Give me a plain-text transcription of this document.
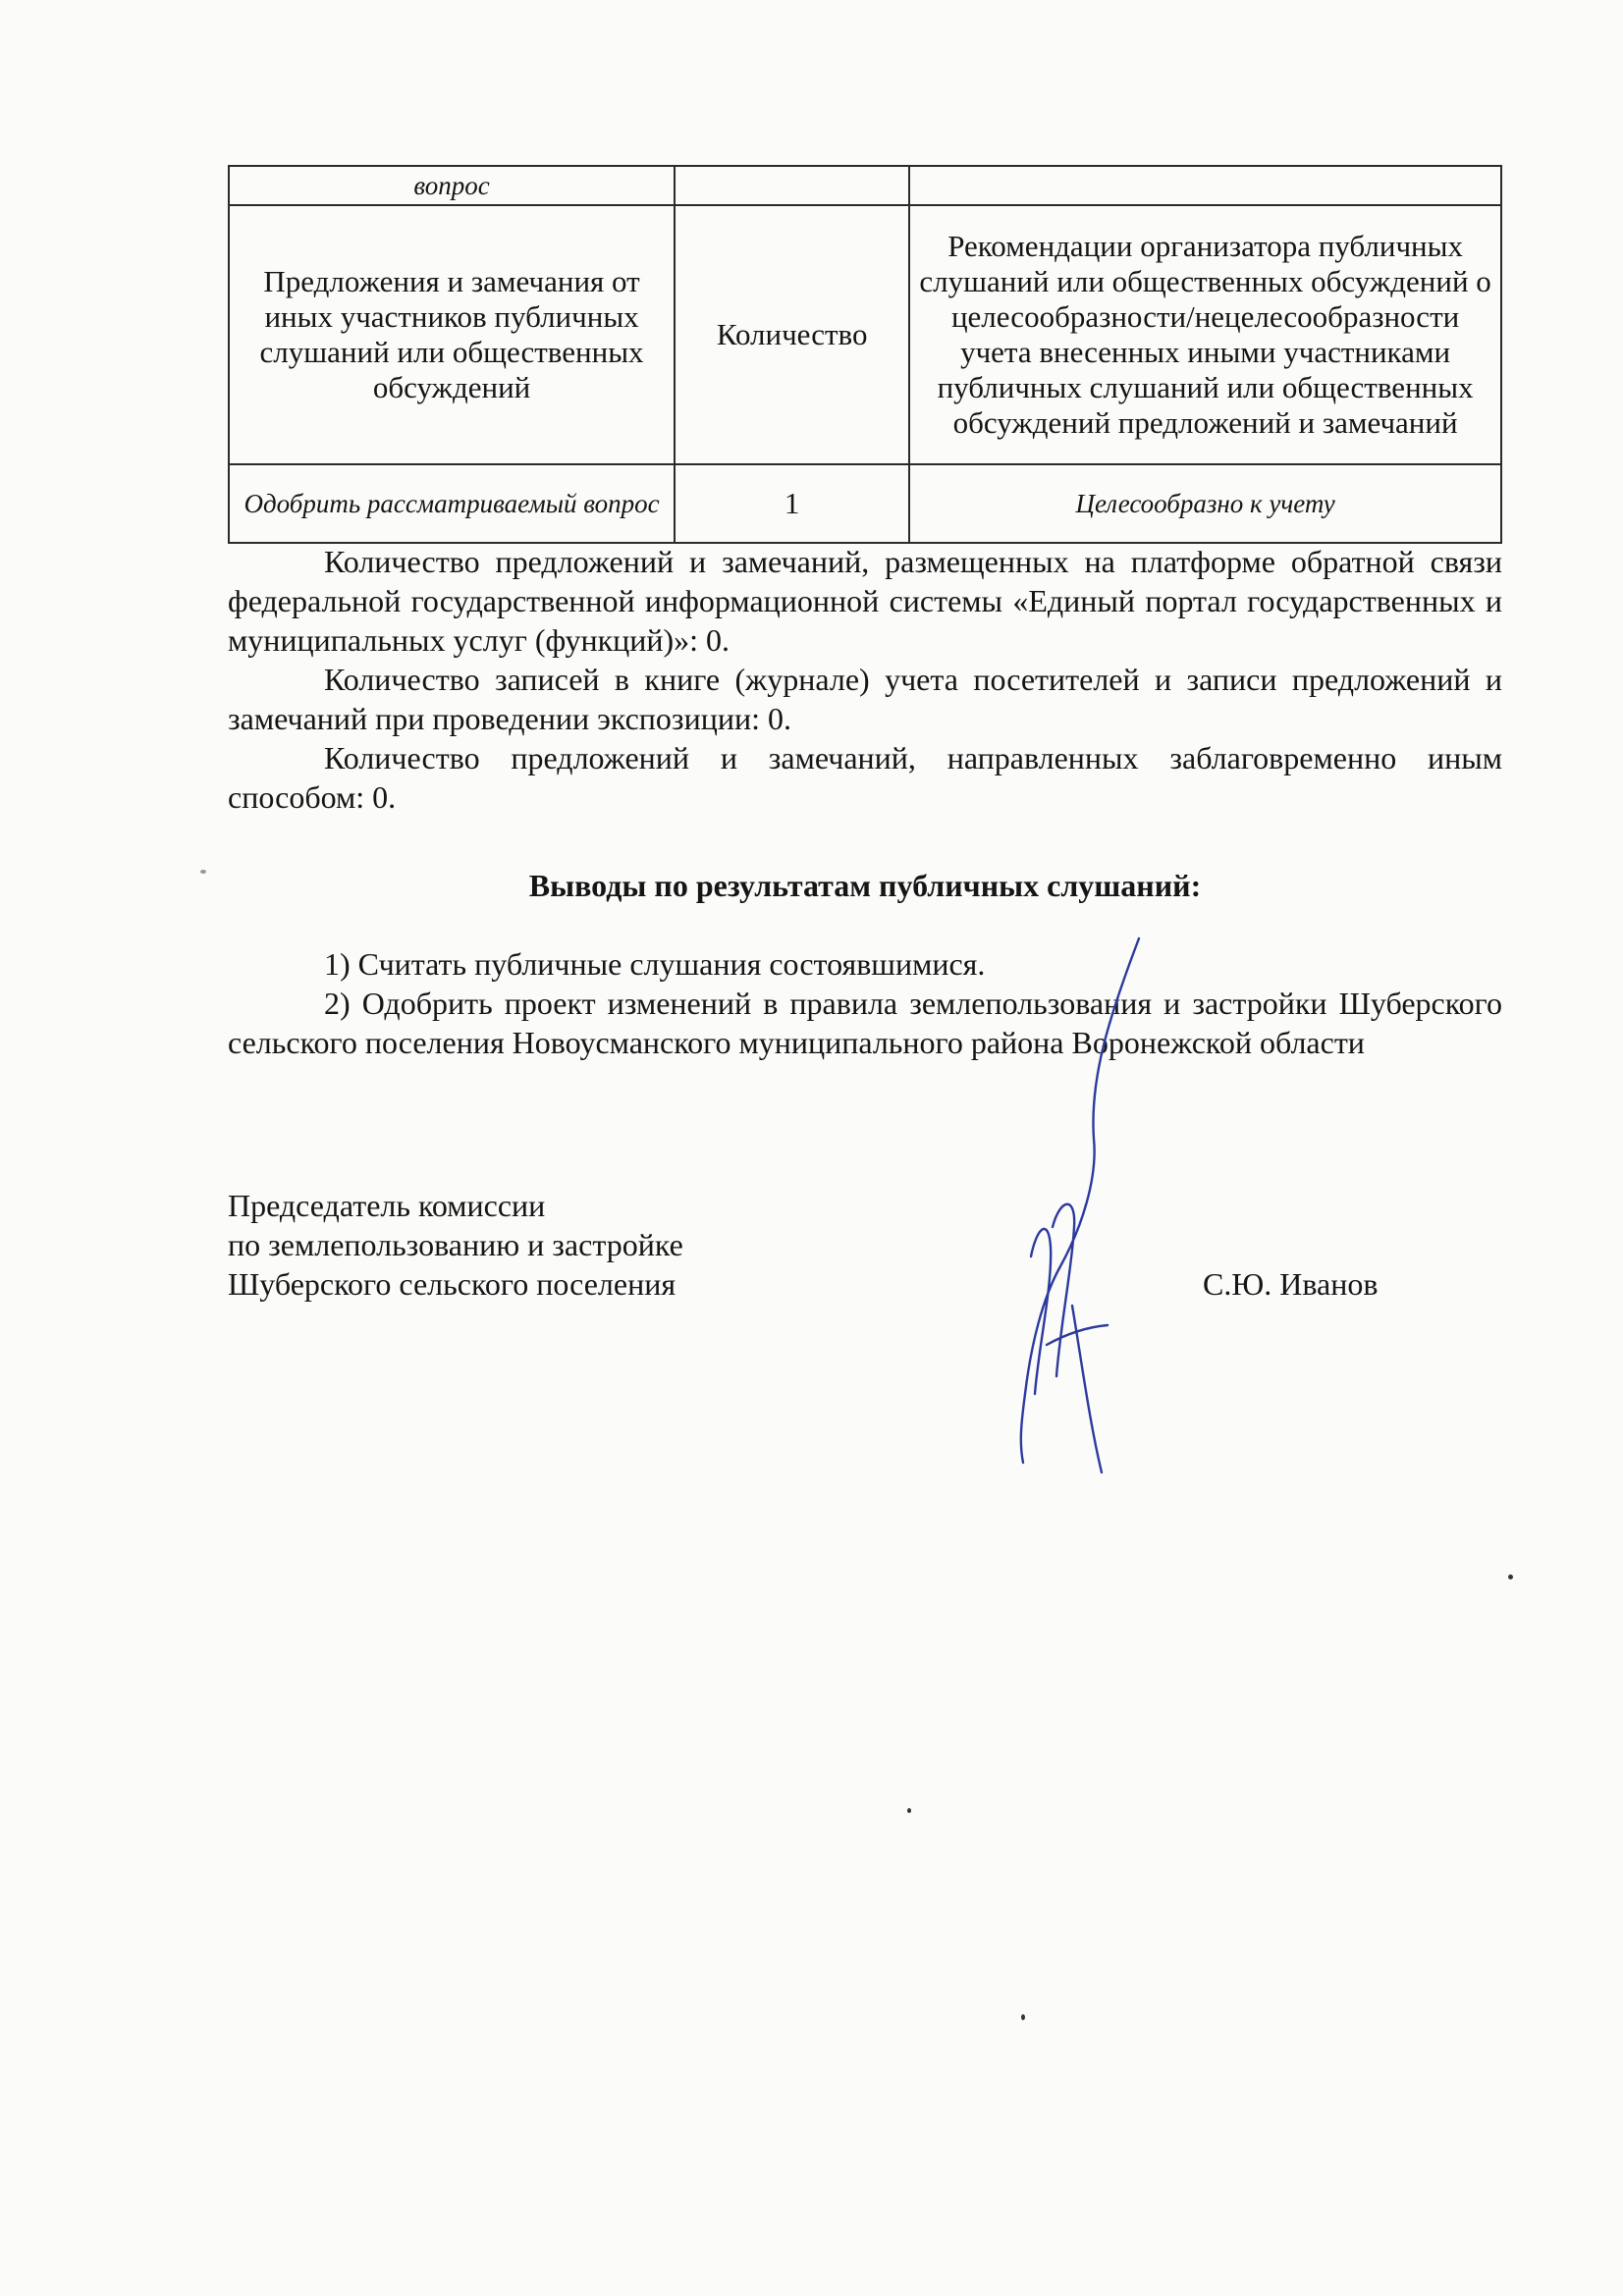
вопрос		
Предложения и замечания от иных участников публичных слушаний или общественных обсуждений	Количество	Рекомендации организатора публичных слушаний или общественных обсуждений о целесообразности/нецелесообразности учета внесенных иными участниками публичных слушаний или общественных обсуждений предложений и замечаний
Одобрить рассматриваемый вопрос	1	Целесообразно к учету

Количество предложений и замечаний, размещенных на платформе обратной связи федеральной государственной информационной системы «Единый портал государственных и муниципальных услуг (функций)»: 0.

Количество записей в книге (журнале) учета посетителей и записи предложений и замечаний при проведении экспозиции: 0.

Количество предложений и замечаний, направленных заблаговременно иным способом: 0.

Выводы по результатам публичных слушаний:

1) Считать публичные слушания состоявшимися.

2) Одобрить проект изменений в правила землепользования и застройки Шуберского сельского поселения Новоусманского муниципального района Воронежской области

Председатель комиссии
по землепользованию и застройке
Шуберского сельского поселения	С.Ю. Иванов
